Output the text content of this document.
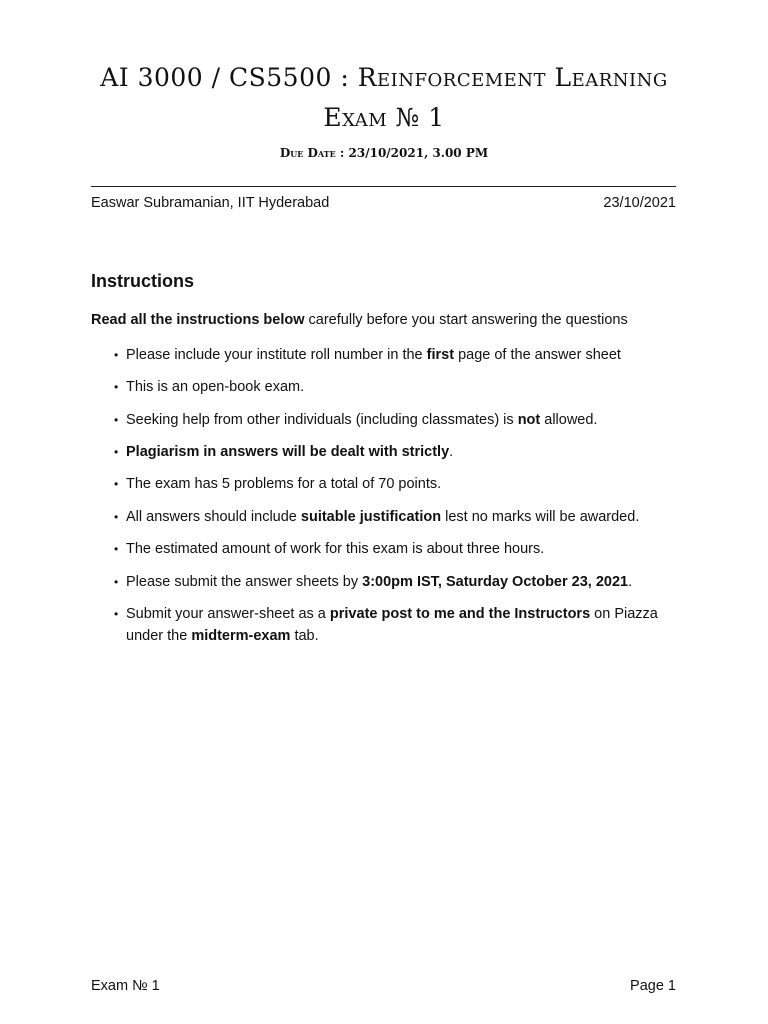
AI 3000 / CS5500 : Reinforcement Learning
Exam № 1
Due Date : 23/10/2021, 3.00 PM
Easwar Subramanian, IIT Hyderabad	23/10/2021
Instructions
Read all the instructions below carefully before you start answering the questions
• Please include your institute roll number in the first page of the answer sheet
• This is an open-book exam.
• Seeking help from other individuals (including classmates) is not allowed.
• Plagiarism in answers will be dealt with strictly.
• The exam has 5 problems for a total of 70 points.
• All answers should include suitable justification lest no marks will be awarded.
• The estimated amount of work for this exam is about three hours.
• Please submit the answer sheets by 3:00pm IST, Saturday October 23, 2021.
• Submit your answer-sheet as a private post to me and the Instructors on Piazza under the midterm-exam tab.
Exam № 1	Page 1
